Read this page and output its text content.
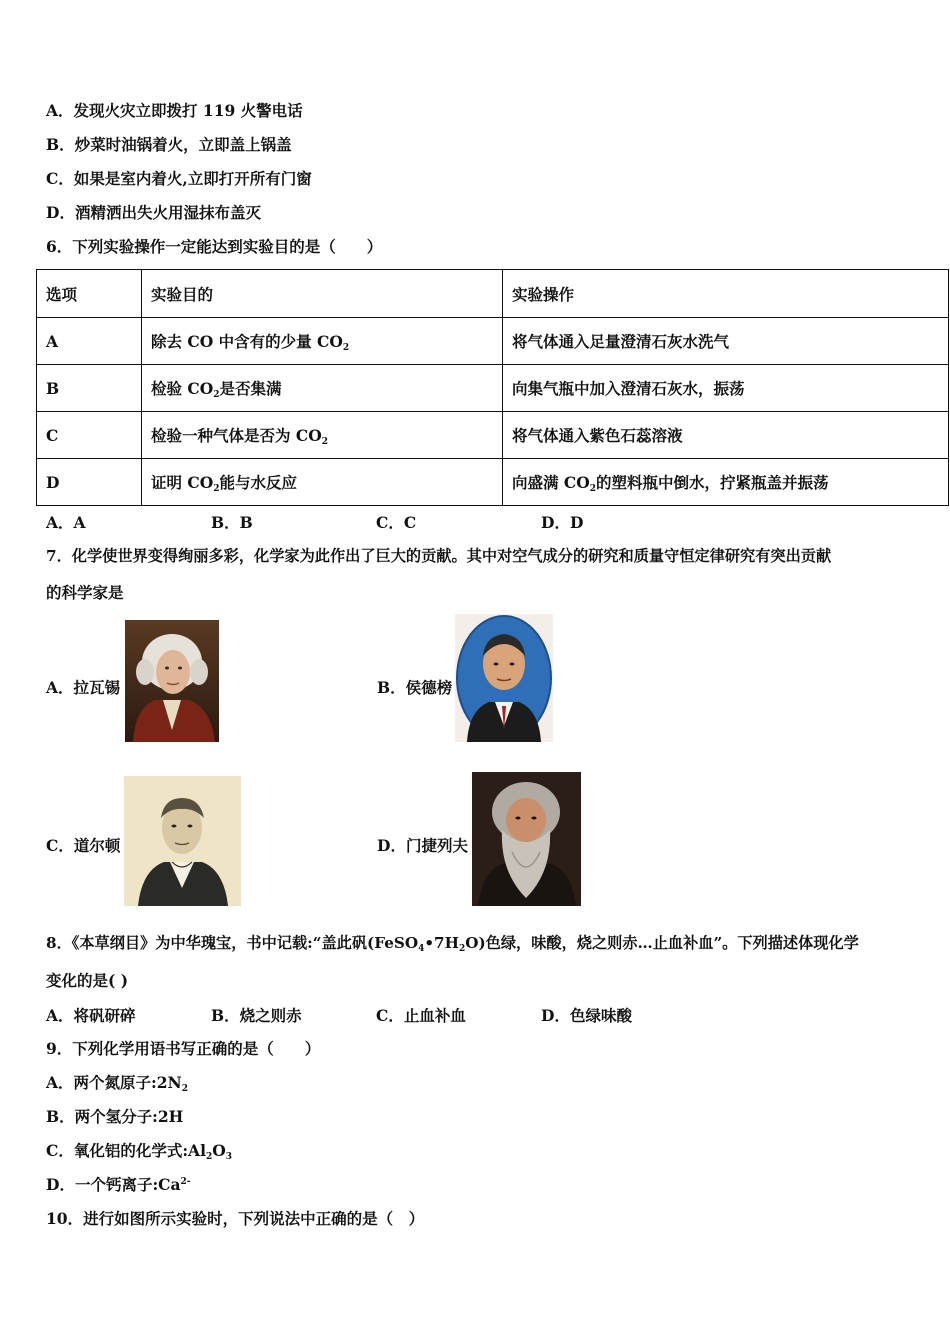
A．发现火灾立即拨打 119 火警电话
B．炒菜时油锅着火，立即盖上锅盖
C．如果是室内着火,立即打开所有门窗
D．酒精洒出失火用湿抹布盖灭
6．下列实验操作一定能达到实验目的是（　　）
选项	实验目的	实验操作
A	除去 CO 中含有的少量 $CO_2$	将气体通入足量澄清石灰水洗气
B	检验 $CO_2$是否集满	向集气瓶中加入澄清石灰水，振荡
C	检验一种气体是否为 $CO_2$	将气体通入紫色石蕊溶液
D	证明 $CO_2$能与水反应	向盛满 $CO_2$的塑料瓶中倒水，拧紧瓶盖并振荡
A．A	B．B	C．C	D．D
7．化学使世界变得绚丽多彩，化学家为此作出了巨大的贡献。其中对空气成分的研究和质量守恒定律研究有突出贡献
的科学家是
A．拉瓦锡	B．侯德榜
C．道尔顿	D．门捷列夫
8．《本草纲目》为中华瑰宝，书中记载:“盖此矾$(FeSO_4•7H_2O)$色绿，味酸，烧之则赤…止血补血”。下列描述体现化学
变化的是( )
A．将矾研碎	B．烧之则赤	C．止血补血	D．色绿味酸
9．下列化学用语书写正确的是（　　）
A．两个氮原子$:2N_2$
B．两个氢分子:2H
C．氧化铝的化学式$:Al_2O_3$
D．一个钙离子$:Ca^{2-}$
10．进行如图所示实验时，下列说法中正确的是（　）
